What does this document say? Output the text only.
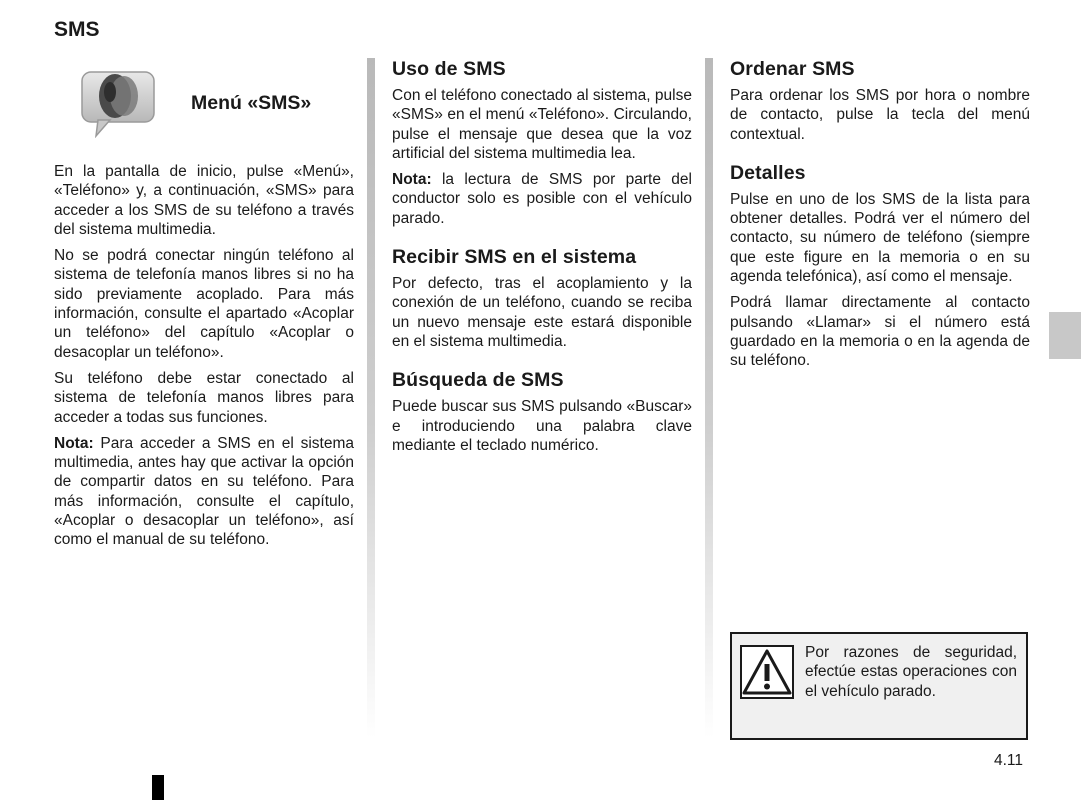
SMS
Menú «SMS»

En la pantalla de inicio, pulse «Menú», «Teléfono» y, a continuación, «SMS» para acceder a los SMS de su teléfono a través del sistema multimedia.

No se podrá conectar ningún teléfono al sistema de telefonía manos libres si no ha sido previamente acoplado. Para más información, consulte el apartado «Acoplar un teléfono» del capítulo «Acoplar o desacoplar un teléfono».

Su teléfono debe estar conectado al sistema de telefonía manos libres para acceder a todas sus funciones.

Nota: Para acceder a SMS en el sistema multimedia, antes hay que activar la opción de compartir datos en su teléfono. Para más información, consulte el capítulo, «Acoplar o desacoplar un teléfono», así como el manual de su teléfono.

Uso de SMS

Con el teléfono conectado al sistema, pulse «SMS» en el menú «Teléfono». Circulando, pulse el mensaje que desea que la voz artificial del sistema multimedia lea.

Nota: la lectura de SMS por parte del conductor solo es posible con el vehículo parado.

Recibir SMS en el sistema

Por defecto, tras el acoplamiento y la conexión de un teléfono, cuando se reciba un nuevo mensaje este estará disponible en el sistema multimedia.

Búsqueda de SMS

Puede buscar sus SMS pulsando «Buscar» e introduciendo una palabra clave mediante el teclado numérico.

Ordenar SMS

Para ordenar los SMS por hora o nombre de contacto, pulse la tecla del menú contextual.

Detalles

Pulse en uno de los SMS de la lista para obtener detalles. Podrá ver el número del contacto, su número de teléfono (siempre que este figure en la memoria o en su agenda telefónica), así como el mensaje.

Podrá llamar directamente al contacto pulsando «Llamar» si el número está guardado en la memoria o en la agenda de su teléfono.

Por razones de seguridad, efectúe estas operaciones con el vehículo parado.

4.11
